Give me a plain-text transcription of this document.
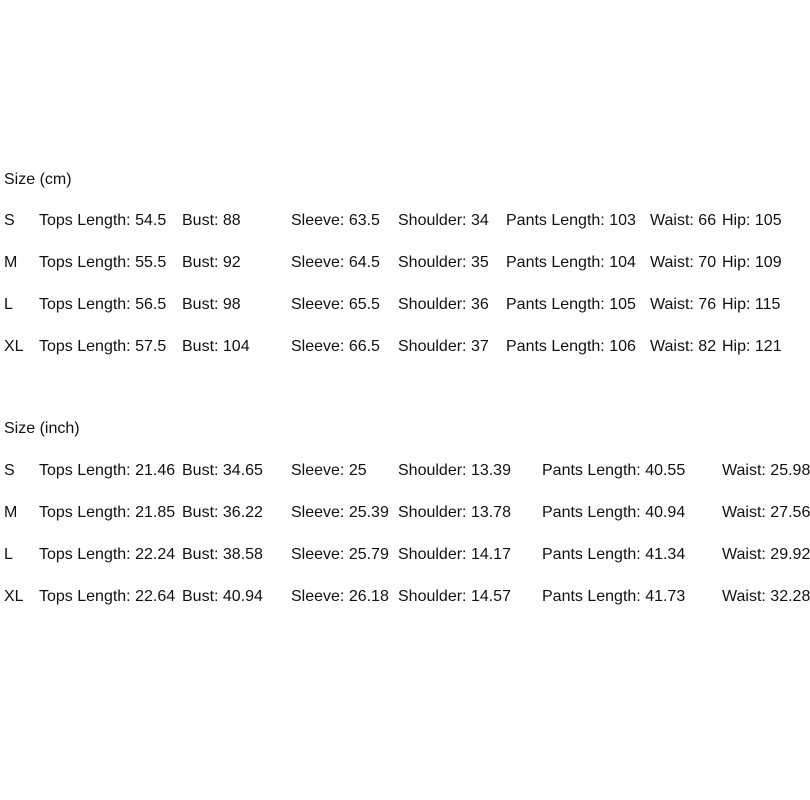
Size (cm)
S Tops Length: 54.5 Bust: 88	Sleeve: 63.5 Shoulder: 34 Pants Length: 103 Waist: 66 Hip: 105
M Tops Length: 55.5 Bust: 92	Sleeve: 64.5 Shoulder: 35 Pants Length: 104 Waist: 70 Hip: 109
L Tops Length: 56.5 Bust: 98	Sleeve: 65.5 Shoulder: 36 Pants Length: 105 Waist: 76 Hip: 115
XL Tops Length: 57.5 Bust: 104	Sleeve: 66.5 Shoulder: 37 Pants Length: 106 Waist: 82 Hip: 121
Size (inch)
S Tops Length: 21.46 Bust: 34.65 Sleeve: 25 Shoulder: 13.39 Pants Length: 40.55 Waist: 25.98
M Tops Length: 21.85 Bust: 36.22 Sleeve: 25.39 Shoulder: 13.78 Pants Length: 40.94 Waist: 27.56
L Tops Length: 22.24 Bust: 38.58 Sleeve: 25.79 Shoulder: 14.17 Pants Length: 41.34 Waist: 29.92
XL Tops Length: 22.64 Bust: 40.94 Sleeve: 26.18 Shoulder: 14.57 Pants Length: 41.73 Waist: 32.28
